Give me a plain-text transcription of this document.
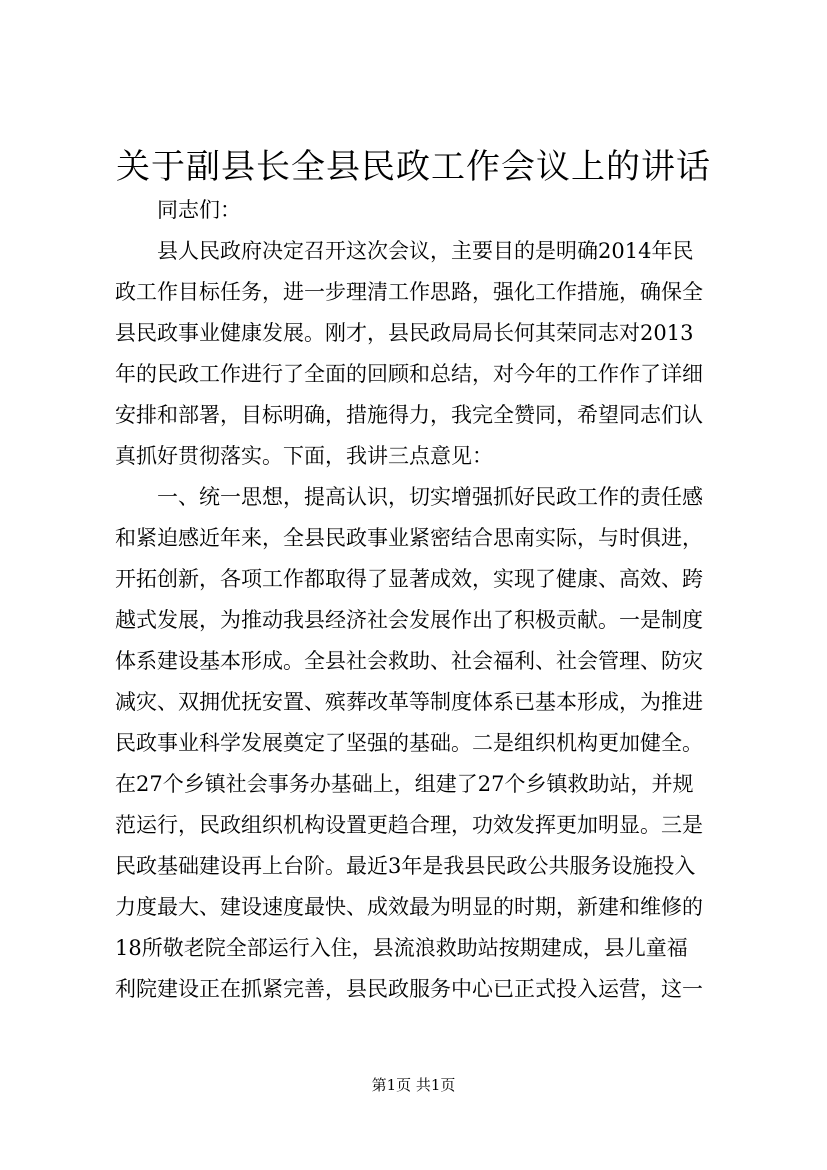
关于副县长全县民政工作会议上的讲话
同志们：
县人民政府决定召开这次会议，主要目的是明确2014年民
政工作目标任务，进一步理清工作思路，强化工作措施，确保全
县民政事业健康发展。刚才，县民政局局长何其荣同志对2013
年的民政工作进行了全面的回顾和总结，对今年的工作作了详细
安排和部署，目标明确，措施得力，我完全赞同，希望同志们认
真抓好贯彻落实。下面，我讲三点意见：
一、统一思想，提高认识，切实增强抓好民政工作的责任感
和紧迫感近年来，全县民政事业紧密结合思南实际，与时俱进，
开拓创新，各项工作都取得了显著成效，实现了健康、高效、跨
越式发展，为推动我县经济社会发展作出了积极贡献。一是制度
体系建设基本形成。全县社会救助、社会福利、社会管理、防灾
减灾、双拥优抚安置、殡葬改革等制度体系已基本形成，为推进
民政事业科学发展奠定了坚强的基础。二是组织机构更加健全。
在27个乡镇社会事务办基础上，组建了27个乡镇救助站，并规
范运行，民政组织机构设置更趋合理，功效发挥更加明显。三是
民政基础建设再上台阶。最近3年是我县民政公共服务设施投入
力度最大、建设速度最快、成效最为明显的时期，新建和维修的
18所敬老院全部运行入住，县流浪救助站按期建成，县儿童福
利院建设正在抓紧完善，县民政服务中心已正式投入运营，这一
第1页 共1页
